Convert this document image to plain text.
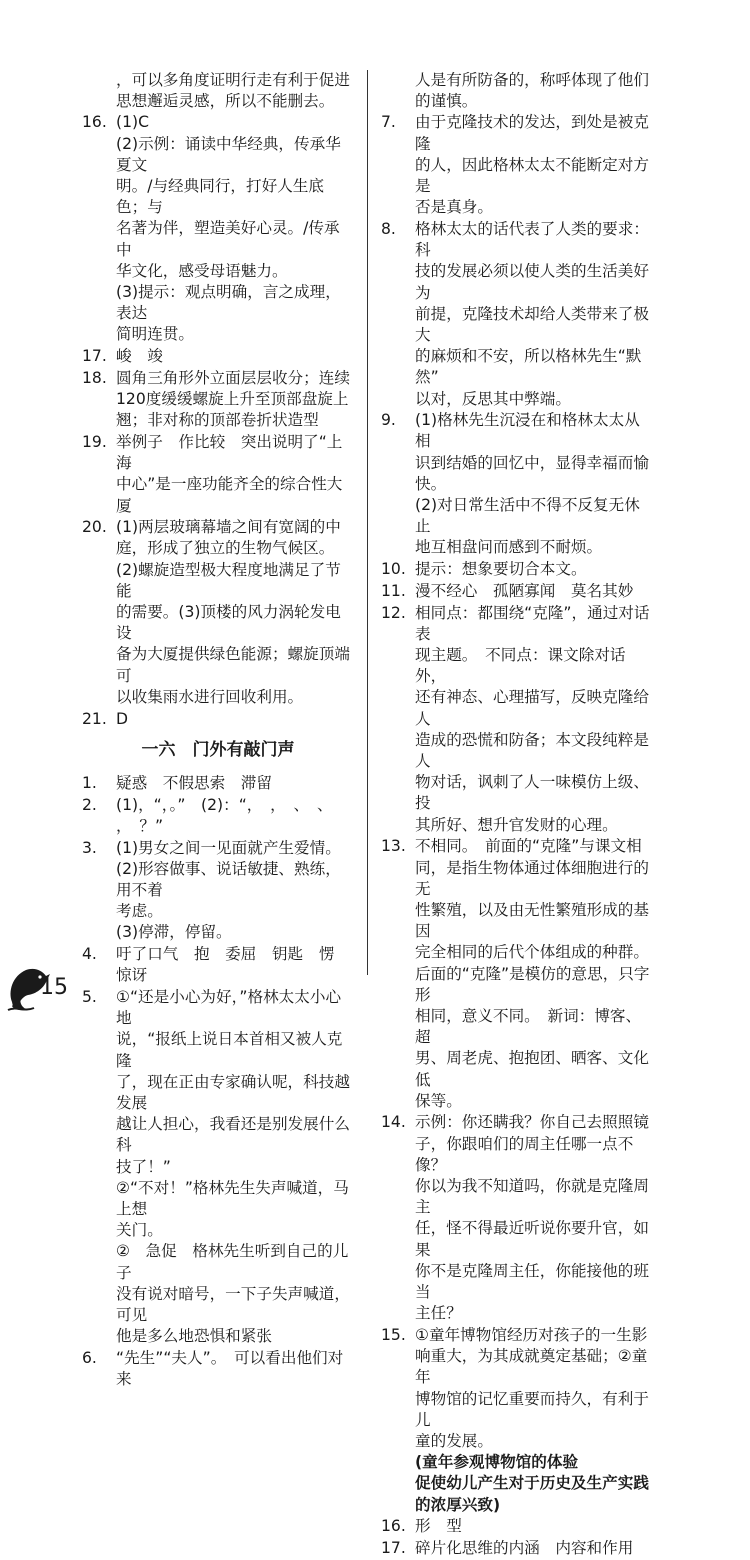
，可以多角度证明行走有利于促进
思想邂逅灵感，所以不能删去。
16. (1)C
(2)示例：诵读中华经典，传承华夏文
明。/与经典同行，打好人生底色；与
名著为伴，塑造美好心灵。/传承中
华文化，感受母语魅力。
(3)提示：观点明确，言之成理，表达
简明连贯。
17. 峻　竣
18. 圆角三角形外立面层层收分；连续
120度缓缓螺旋上升至顶部盘旋上
翘；非对称的顶部卷折状造型
19. 举例子　作比较　突出说明了“上海
中心”是一座功能齐全的综合性大厦
20. (1)两层玻璃幕墙之间有宽阔的中
庭，形成了独立的生物气候区。
(2)螺旋造型极大程度地满足了节能
的需要。(3)顶楼的风力涡轮发电设
备为大厦提供绿色能源；螺旋顶端可
以收集雨水进行回收利用。
21. D
一六　门外有敲门声
1. 疑惑　不假思索　滞留
2. (1)，“，。”　(2)：“，　，　、　、
，　？”
3. (1)男女之间一见面就产生爱情。
(2)形容做事、说话敏捷、熟练，用不着
考虑。
(3)停滞，停留。
4. 吁了口气　抱　委屈　钥匙　愣
惊讶
5. ①“还是小心为好，”格林太太小心地
说，“报纸上说日本首相又被人克隆
了，现在正由专家确认呢，科技越发展
越让人担心，我看还是别发展什么科
技了！”
②“不对！”格林先生失声喊道，马上想
关门。
②　急促　格林先生听到自己的儿子
没有说对暗号，一下子失声喊道，可见
他是多么地恐惧和紧张
6. “先生”“夫人”。　可以看出他们对来
人是有所防备的，称呼体现了他们
的谨慎。
7. 由于克隆技术的发达，到处是被克隆
的人，因此格林太太不能断定对方是
否是真身。
8. 格林太太的话代表了人类的要求：科
技的发展必须以使人类的生活美好为
前提，克隆技术却给人类带来了极大
的麻烦和不安，所以格林先生“默然”
以对，反思其中弊端。
9. (1)格林先生沉浸在和格林太太从相
识到结婚的回忆中，显得幸福而愉快。
(2)对日常生活中不得不反复无休止
地互相盘问而感到不耐烦。
10. 提示：想象要切合本文。
11. 漫不经心　孤陋寡闻　莫名其妙
12. 相同点：都围绕“克隆”，通过对话表
现主题。　不同点：课文除对话外，
还有神态、心理描写，反映克隆给人
造成的恐慌和防备；本文段纯粹是人
物对话，讽刺了人一味模仿上级、投
其所好、想升官发财的心理。
13. 不相同。　前面的“克隆”与课文相
同，是指生物体通过体细胞进行的无
性繁殖，以及由无性繁殖形成的基因
完全相同的后代个体组成的种群。
后面的“克隆”是模仿的意思，只字形
相同，意义不同。　新词：博客、超
男、周老虎、抱抱团、晒客、文化低
保等。
14. 示例：你还瞒我？你自己去照照镜
子，你跟咱们的周主任哪一点不像？
你以为我不知道吗，你就是克隆周主
任，怪不得最近听说你要升官，如果
你不是克隆周主任，你能接他的班当
主任？
15. ①童年博物馆经历对孩子的一生影
响重大，为其成就奠定基础；②童年
博物馆的记忆重要而持久，有利于儿
童的发展。
(童年参观博物馆的体验
促使幼儿产生对于历史及生产实践
的浓厚兴致)
16. 形　型
17. 碎片化思维的内涵　内容和作用
15
